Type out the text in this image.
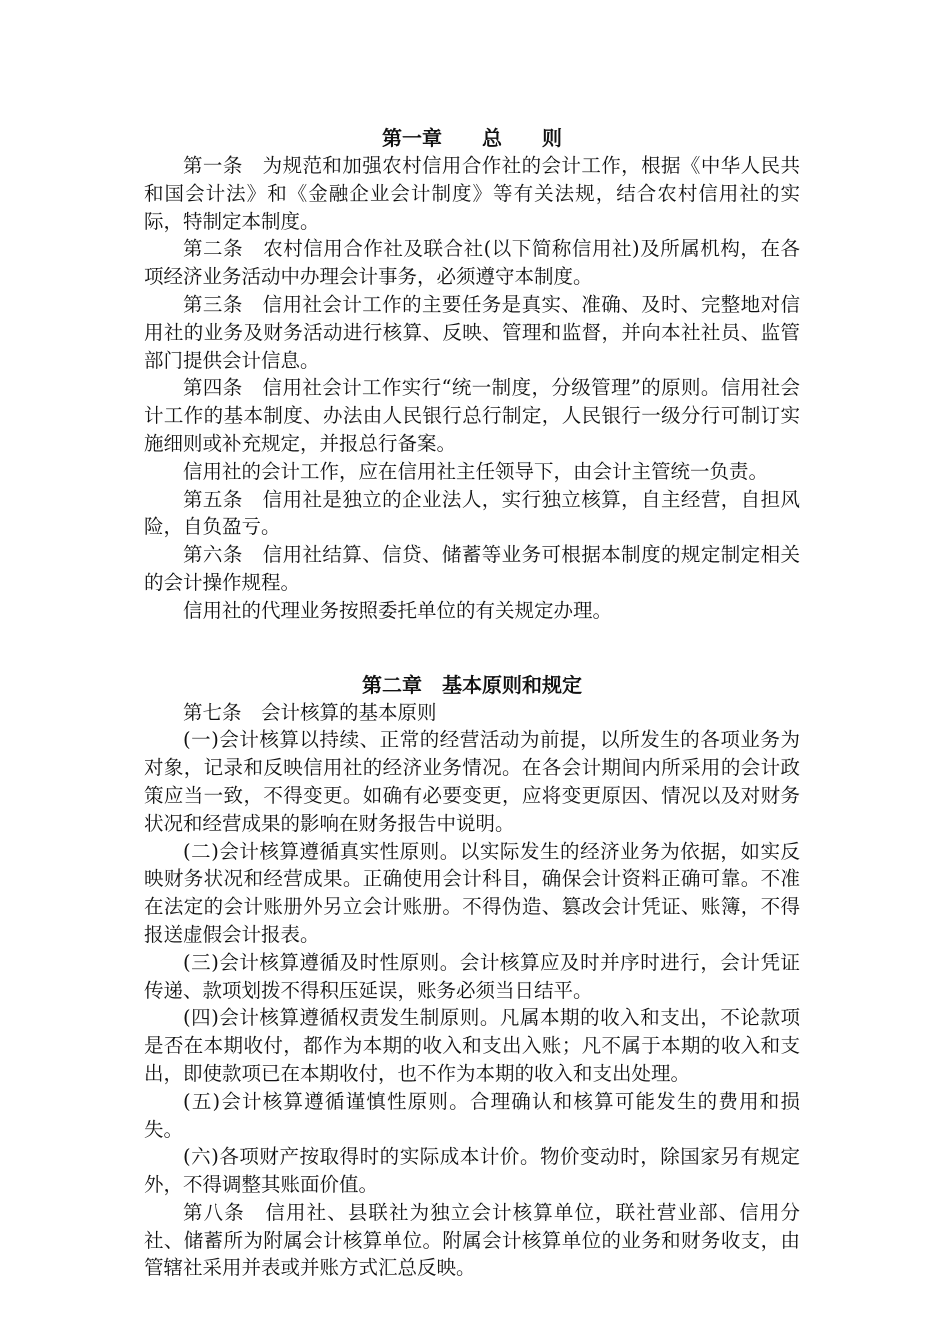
第一章　　总　　则

第一条　为规范和加强农村信用合作社的会计工作，根据《中华人民共和国会计法》和《金融企业会计制度》等有关法规，结合农村信用社的实际，特制定本制度。

第二条　农村信用合作社及联合社(以下简称信用社)及所属机构，在各项经济业务活动中办理会计事务，必须遵守本制度。

第三条　信用社会计工作的主要任务是真实、准确、及时、完整地对信用社的业务及财务活动进行核算、反映、管理和监督，并向本社社员、监管部门提供会计信息。

第四条　信用社会计工作实行“统一制度，分级管理”的原则。信用社会计工作的基本制度、办法由人民银行总行制定，人民银行一级分行可制订实施细则或补充规定，并报总行备案。

信用社的会计工作，应在信用社主任领导下，由会计主管统一负责。

第五条　信用社是独立的企业法人，实行独立核算，自主经营，自担风险，自负盈亏。

第六条　信用社结算、信贷、储蓄等业务可根据本制度的规定制定相关的会计操作规程。

信用社的代理业务按照委托单位的有关规定办理。

第二章　基本原则和规定

第七条　会计核算的基本原则

(一)会计核算以持续、正常的经营活动为前提，以所发生的各项业务为对象，记录和反映信用社的经济业务情况。在各会计期间内所采用的会计政策应当一致，不得变更。如确有必要变更，应将变更原因、情况以及对财务状况和经营成果的影响在财务报告中说明。

(二)会计核算遵循真实性原则。以实际发生的经济业务为依据，如实反映财务状况和经营成果。正确使用会计科目，确保会计资料正确可靠。不准在法定的会计账册外另立会计账册。不得伪造、篡改会计凭证、账簿，不得报送虚假会计报表。

(三)会计核算遵循及时性原则。会计核算应及时并序时进行，会计凭证传递、款项划拨不得积压延误，账务必须当日结平。

(四)会计核算遵循权责发生制原则。凡属本期的收入和支出，不论款项是否在本期收付，都作为本期的收入和支出入账；凡不属于本期的收入和支出，即使款项已在本期收付，也不作为本期的收入和支出处理。

(五)会计核算遵循谨慎性原则。合理确认和核算可能发生的费用和损失。

(六)各项财产按取得时的实际成本计价。物价变动时，除国家另有规定外，不得调整其账面价值。

第八条　信用社、县联社为独立会计核算单位，联社营业部、信用分社、储蓄所为附属会计核算单位。附属会计核算单位的业务和财务收支，由管辖社采用并表或并账方式汇总反映。
